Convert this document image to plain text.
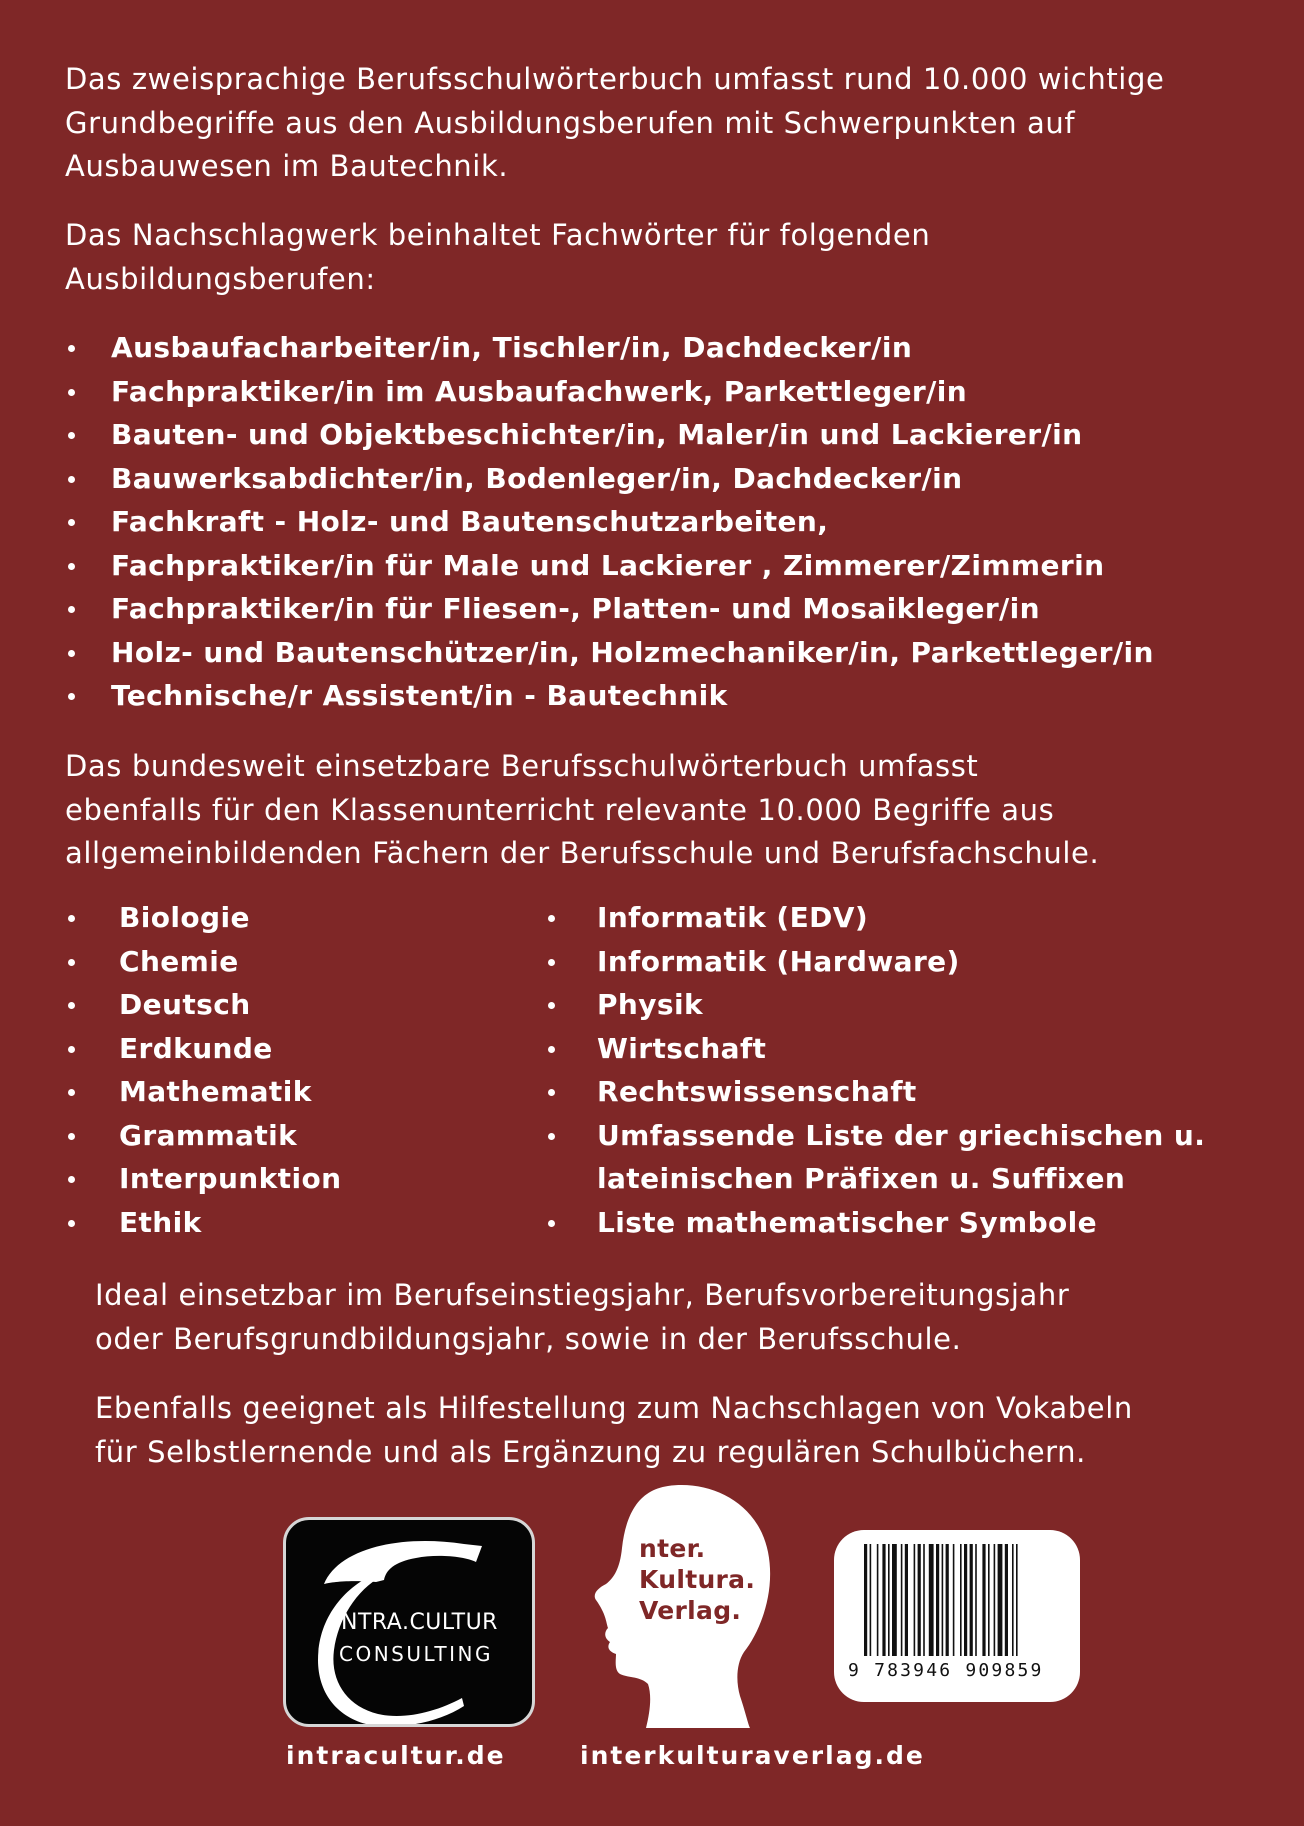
Das zweisprachige Berufsschulwörterbuch umfasst rund 10.000 wichtige
Grundbegriffe aus den Ausbildungsberufen mit Schwerpunkten auf
Ausbauwesen im Bautechnik.
Das Nachschlagwerk beinhaltet Fachwörter für folgenden
Ausbildungsberufen:
Ausbaufacharbeiter/in, Tischler/in, Dachdecker/in
Fachpraktiker/in im Ausbaufachwerk, Parkettleger/in
Bauten- und Objektbeschichter/in, Maler/in und Lackierer/in
Bauwerksabdichter/in, Bodenleger/in, Dachdecker/in
Fachkraft - Holz- und Bautenschutzarbeiten,
Fachpraktiker/in für Male und Lackierer , Zimmerer/Zimmerin
Fachpraktiker/in für Fliesen-, Platten- und Mosaikleger/in
Holz- und Bautenschützer/in, Holzmechaniker/in, Parkettleger/in
Technische/r Assistent/in - Bautechnik
Das bundesweit einsetzbare Berufsschulwörterbuch umfasst
ebenfalls für den Klassenunterricht relevante 10.000 Begriffe aus
allgemeinbildenden Fächern der Berufsschule und Berufsfachschule.
Biologie
Chemie
Deutsch
Erdkunde
Mathematik
Grammatik
Interpunktion
Ethik
Informatik (EDV)
Informatik (Hardware)
Physik
Wirtschaft
Rechtswissenschaft
Umfassende Liste der griechischen u.
lateinischen Präfixen u. Suffixen
Liste mathematischer Symbole
Ideal einsetzbar im Berufseinstiegsjahr, Berufsvorbereitungsjahr
oder Berufsgrundbildungsjahr, sowie in der Berufsschule.
Ebenfalls geeignet als Hilfestellung zum Nachschlagen von Vokabeln
für Selbstlernende und als Ergänzung zu regulären Schulbüchern.
INTRA.CULTUR
CONSULTING
nter.
Kultura.
Verlag.
9 783946 909859
intracultur.de	interkulturaverlag.de
